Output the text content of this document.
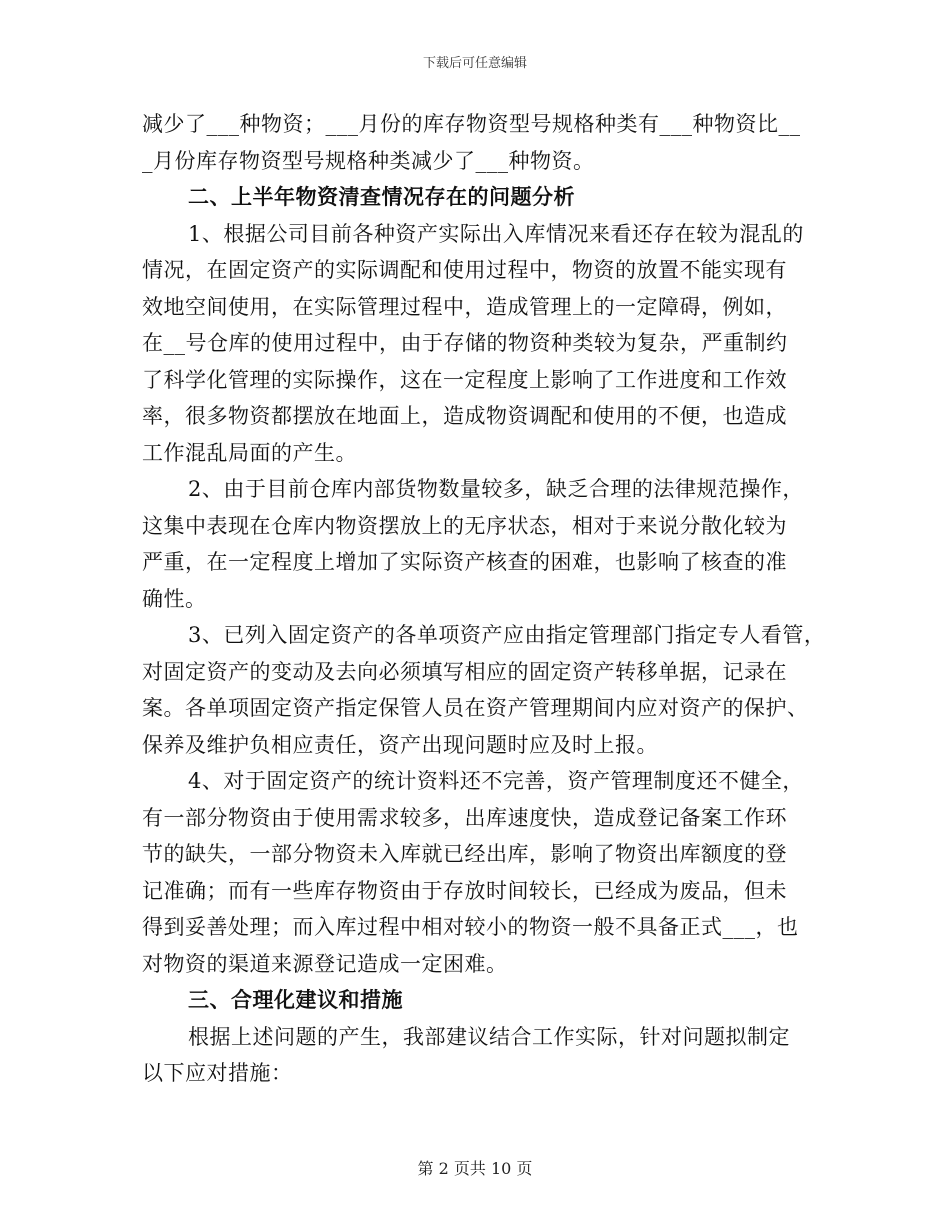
下载后可任意编辑
减少了___种物资；___月份的库存物资型号规格种类有___种物资比__
_月份库存物资型号规格种类减少了___种物资。
二、上半年物资清查情况存在的问题分析
1、根据公司目前各种资产实际出入库情况来看还存在较为混乱的
情况，在固定资产的实际调配和使用过程中，物资的放置不能实现有
效地空间使用，在实际管理过程中，造成管理上的一定障碍，例如，
在__号仓库的使用过程中，由于存储的物资种类较为复杂，严重制约
了科学化管理的实际操作，这在一定程度上影响了工作进度和工作效
率，很多物资都摆放在地面上，造成物资调配和使用的不便，也造成
工作混乱局面的产生。
2、由于目前仓库内部货物数量较多，缺乏合理的法律规范操作，
这集中表现在仓库内物资摆放上的无序状态，相对于来说分散化较为
严重，在一定程度上增加了实际资产核查的困难，也影响了核查的准
确性。
3、已列入固定资产的各单项资产应由指定管理部门指定专人看管，
对固定资产的变动及去向必须填写相应的固定资产转移单据，记录在
案。各单项固定资产指定保管人员在资产管理期间内应对资产的保护、
保养及维护负相应责任，资产出现问题时应及时上报。
4、对于固定资产的统计资料还不完善，资产管理制度还不健全，
有一部分物资由于使用需求较多，出库速度快，造成登记备案工作环
节的缺失，一部分物资未入库就已经出库，影响了物资出库额度的登
记准确；而有一些库存物资由于存放时间较长，已经成为废品，但未
得到妥善处理；而入库过程中相对较小的物资一般不具备正式___，也
对物资的渠道来源登记造成一定困难。
三、合理化建议和措施
根据上述问题的产生，我部建议结合工作实际，针对问题拟制定
以下应对措施：
第 2 页共 10 页
